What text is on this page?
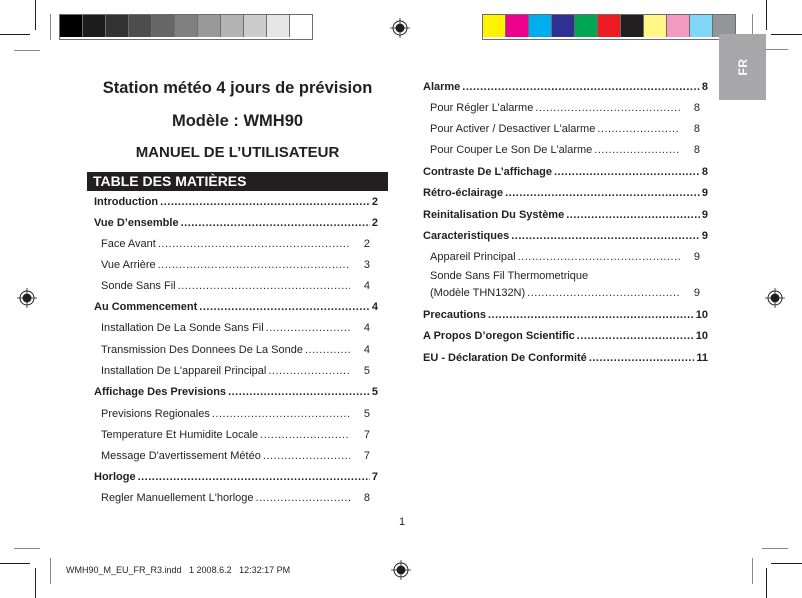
FR
Station météo 4 jours de prévision
Modèle : WMH90
MANUEL DE L’UTILISATEUR
TABLE DES MATIÈRES
Introduction .....	2
Vue D’ensemble .....	2
Face Avant .....	2
Vue Arrière .....	3
Sonde Sans Fil .....	4
Au Commencement .....	4
Installation De La Sonde Sans Fil .....	4
Transmission Des Donnees De La Sonde .....	4
Installation De L'appareil Principal .....	5
Affichage Des Previsions .....	5
Previsions Regionales .....	5
Temperature Et Humidite Locale .....	7
Message D'avertissement Météo .....	7
Horloge .....	7
Regler Manuellement L'horloge .....	8
Alarme .....	8
Pour Régler L’alarme .....	8
Pour Activer / Desactiver L'alarme .....	8
Pour Couper Le Son De L'alarme .....	8
Contraste De L’affichage .....	8
Rétro-éclairage .....	9
Reinitalisation Du Système .....	9
Caracteristiques .....	9
Appareil Principal .....	9
Sonde Sans Fil Thermometrique
(Modèle THN132N) .....	9
Precautions .....	10
A Propos D’oregon Scientific .....	10
EU - Déclaration De Conformité .....	11
1
WMH90_M_EU_FR_R3.indd   1 2008.6.2   12:32:17 PM
